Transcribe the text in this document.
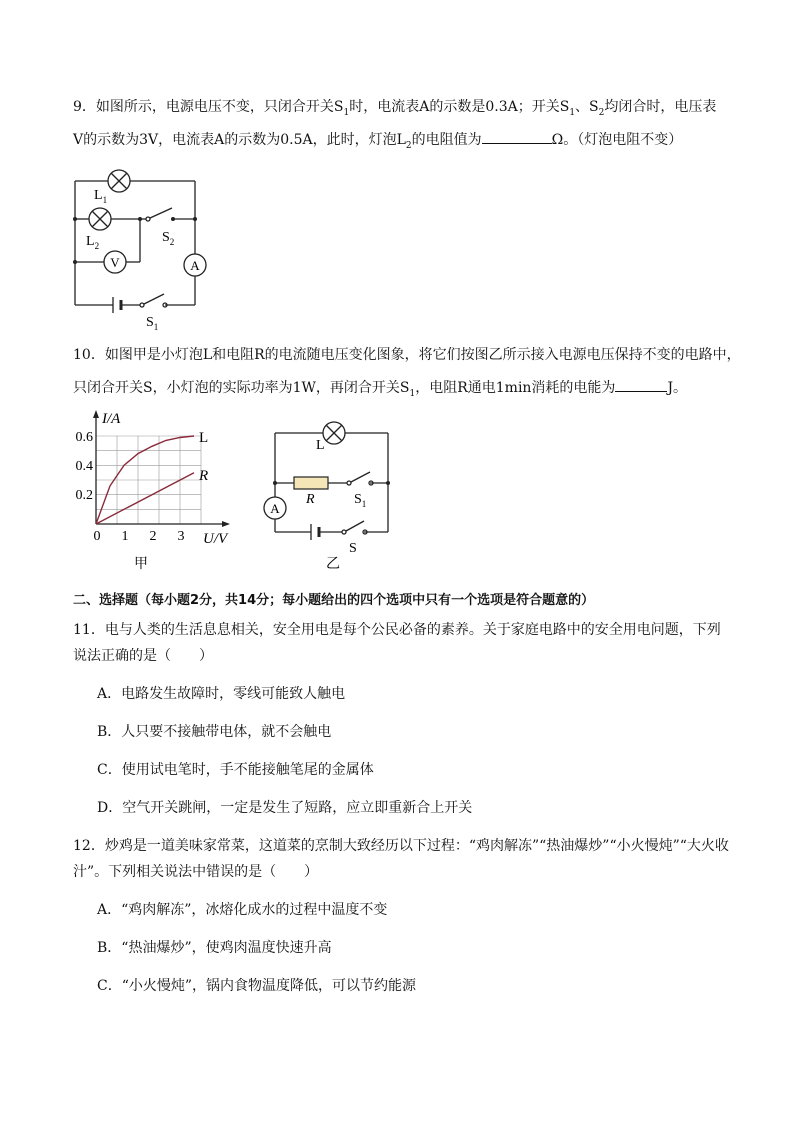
9．如图所示，电源电压不变，只闭合开关$S_1$时，电流表A的示数是0.3A；开关$S_1$、$S_2$均闭合时，电压表
V的示数为3V，电流表A的示数为0.5A，此时，灯泡$L_2$的电阻值为	Ω。（灯泡电阻不变）
$L_1$
$L_2$
$S_2$
V	A
$S_1$
10．如图甲是小灯泡L和电阻R的电流随电压变化图象，将它们按图乙所示接入电源电压保持不变的电路中，
只闭合开关S，小灯泡的实际功率为1W，再闭合开关$S_1$，电阻R通电1min消耗的电能为	J。
I/A
U/V
0.6
0.4
0.2
0 1 2 3
L
R
甲
L
R	$S_1$
A
S
乙
二、选择题（每小题2分，共14分；每小题给出的四个选项中只有一个选项是符合题意的）
11．电与人类的生活息息相关，安全用电是每个公民必备的素养。关于家庭电路中的安全用电问题，下列
说法正确的是（　　）
A．电路发生故障时，零线可能致人触电
B．人只要不接触带电体，就不会触电
C．使用试电笔时，手不能接触笔尾的金属体
D．空气开关跳闸，一定是发生了短路，应立即重新合上开关
12．炒鸡是一道美味家常菜，这道菜的烹制大致经历以下过程：“鸡肉解冻”“热油爆炒”“小火慢炖”“大火收
汁”。下列相关说法中错误的是（　　）
A．“鸡肉解冻”，冰熔化成水的过程中温度不变
B．“热油爆炒”，使鸡肉温度快速升高
C．“小火慢炖”，锅内食物温度降低，可以节约能源
